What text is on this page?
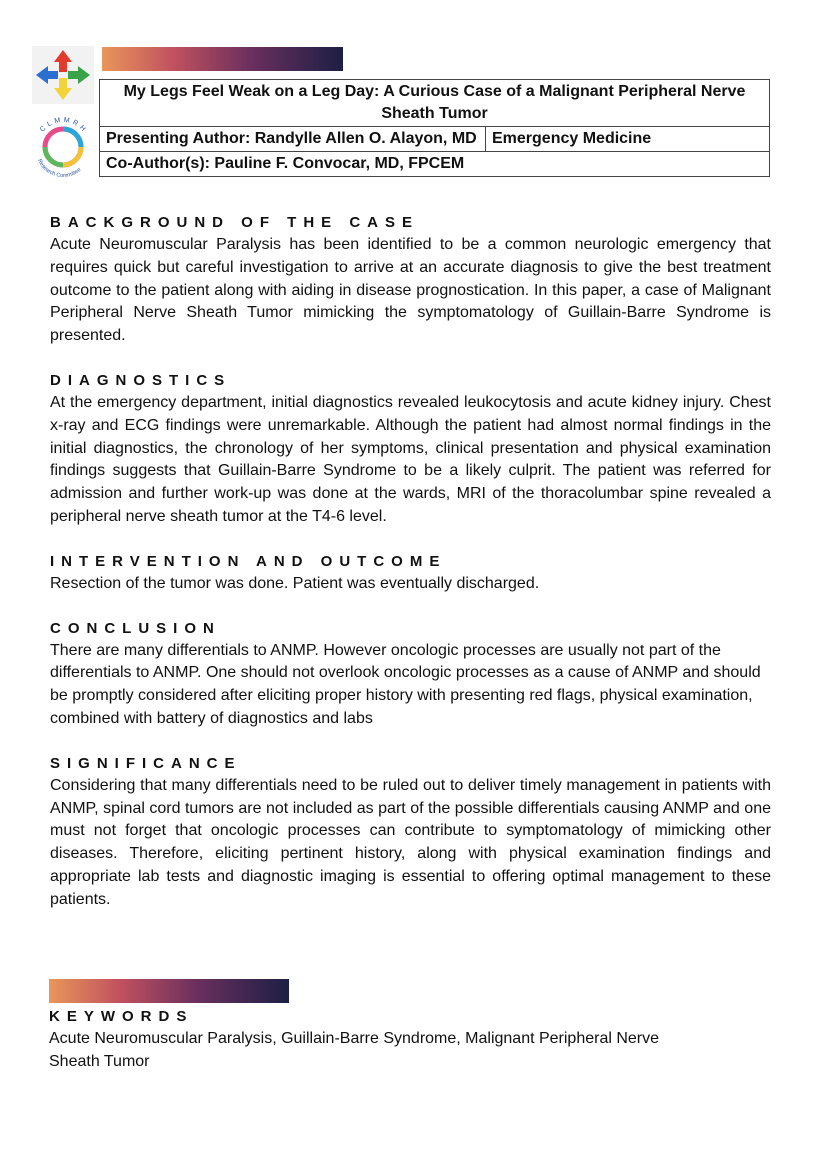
CLMMRH
Research Committee
My Legs Feel Weak on a Leg Day: A Curious Case of a Malignant Peripheral Nerve Sheath Tumor
Presenting Author: Randylle Allen O. Alayon, MD	Emergency Medicine
Co-Author(s): Pauline F. Convocar, MD, FPCEM

BACKGROUND OF THE CASE

Acute Neuromuscular Paralysis has been identified to be a common neurologic emergency that requires quick but careful investigation to arrive at an accurate diagnosis to give the best treatment outcome to the patient along with aiding in disease prognostication. In this paper, a case of Malignant Peripheral Nerve Sheath Tumor mimicking the symptomatology of Guillain-Barre Syndrome is presented.

DIAGNOSTICS

At the emergency department, initial diagnostics revealed leukocytosis and acute kidney injury. Chest x-ray and ECG findings were unremarkable. Although the patient had almost normal findings in the initial diagnostics, the chronology of her symptoms, clinical presentation and physical examination findings suggests that Guillain-Barre Syndrome to be a likely culprit. The patient was referred for admission and further work-up was done at the wards, MRI of the thoracolumbar spine revealed a peripheral nerve sheath tumor at the T4-6 level.

INTERVENTION AND OUTCOME

Resection of the tumor was done. Patient was eventually discharged.

CONCLUSION

There are many differentials to ANMP. However oncologic processes are usually not part of the differentials to ANMP. One should not overlook oncologic processes as a cause of ANMP and should be promptly considered after eliciting proper history with presenting red flags, physical examination, combined with battery of diagnostics and labs

SIGNIFICANCE

Considering that many differentials need to be ruled out to deliver timely management in patients with ANMP, spinal cord tumors are not included as part of the possible differentials causing ANMP and one must not forget that oncologic processes can contribute to symptomatology of mimicking other diseases. Therefore, eliciting pertinent history, along with physical examination findings and appropriate lab tests and diagnostic imaging is essential to offering optimal management to these patients.

KEYWORDS

Acute Neuromuscular Paralysis, Guillain-Barre Syndrome, Malignant Peripheral Nerve Sheath Tumor
